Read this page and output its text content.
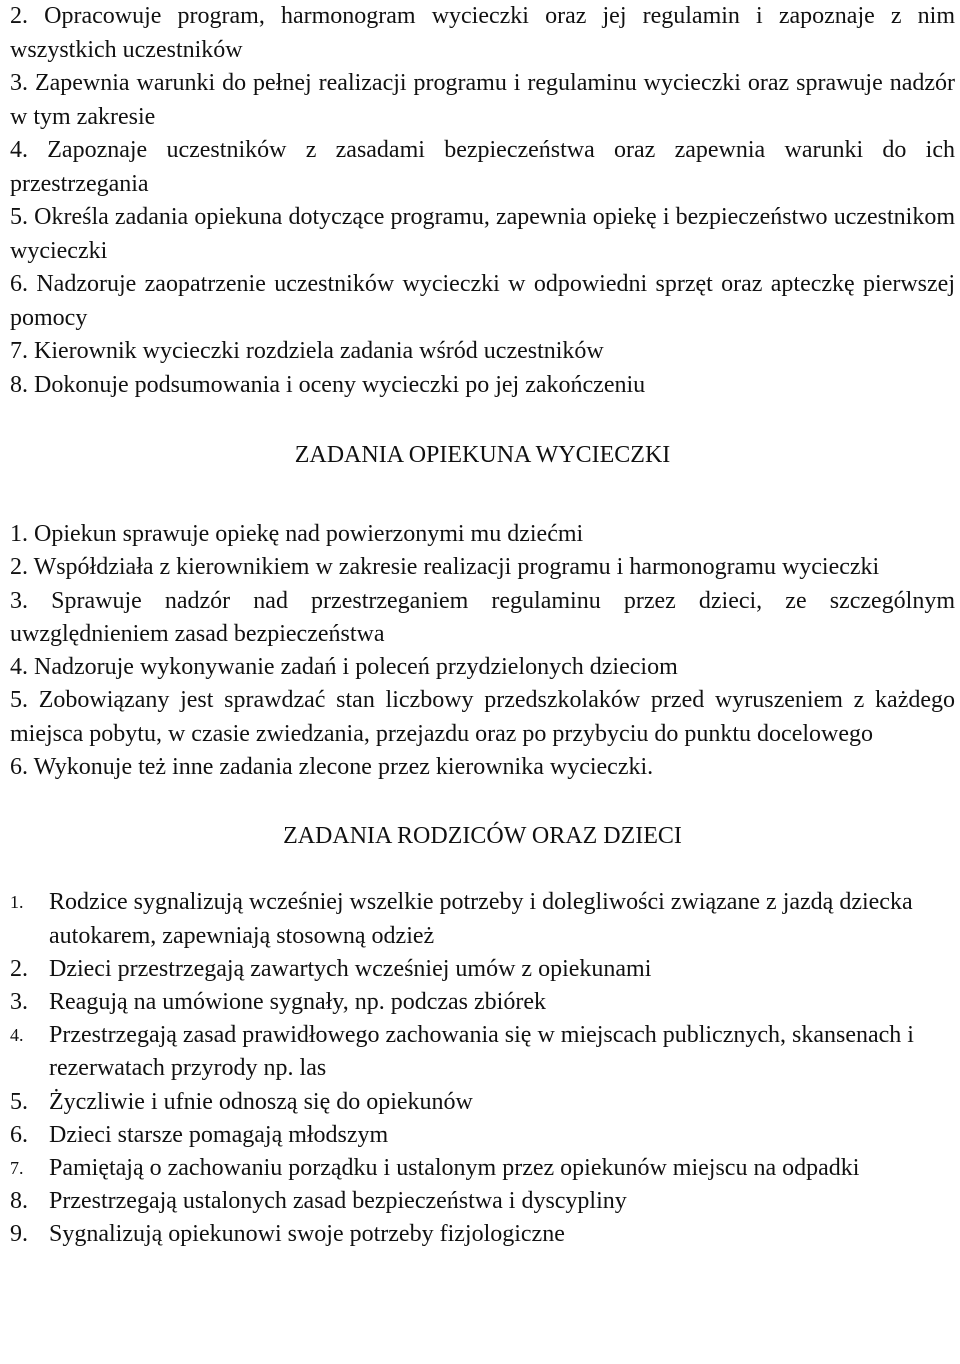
2. Opracowuje program, harmonogram wycieczki oraz jej regulamin i zapoznaje z nim wszystkich uczestników

3. Zapewnia warunki do pełnej realizacji programu i regulaminu wycieczki oraz sprawuje nadzór w tym zakresie

4. Zapoznaje uczestników z zasadami bezpieczeństwa oraz zapewnia warunki do ich przestrzegania

5. Określa zadania opiekuna dotyczące programu, zapewnia opiekę i bezpieczeństwo uczestnikom wycieczki

6. Nadzoruje zaopatrzenie uczestników wycieczki w odpowiedni sprzęt oraz apteczkę pierwszej pomocy

7. Kierownik wycieczki rozdziela zadania wśród uczestników

8. Dokonuje podsumowania i oceny wycieczki po jej zakończeniu

ZADANIA OPIEKUNA WYCIECZKI

1. Opiekun sprawuje opiekę nad powierzonymi mu dziećmi

2. Współdziała z kierownikiem w zakresie realizacji programu i harmonogramu wycieczki

3. Sprawuje nadzór nad przestrzeganiem regulaminu przez dzieci, ze szczególnym uwzględnieniem zasad bezpieczeństwa

4. Nadzoruje wykonywanie zadań i poleceń przydzielonych dzieciom

5. Zobowiązany jest sprawdzać stan liczbowy przedszkolaków przed wyruszeniem z każdego miejsca pobytu, w czasie zwiedzania, przejazdu oraz po przybyciu do punktu docelowego

6. Wykonuje też inne zadania zlecone przez kierownika wycieczki.

ZADANIA RODZICÓW ORAZ DZIECI
1.	Rodzice sygnalizują wcześniej wszelkie potrzeby i dolegliwości związane z jazdą dziecka autokarem, zapewniają stosowną odzież
2. Dzieci przestrzegają zawartych wcześniej umów z opiekunami
3. Reagują na umówione sygnały, np. podczas zbiórek
4.	Przestrzegają zasad prawidłowego zachowania się w miejscach publicznych, skansenach i rezerwatach przyrody np. las
5. Życzliwie i ufnie odnoszą się do opiekunów
6. Dzieci starsze pomagają młodszym
7.	Pamiętają o zachowaniu porządku i ustalonym przez opiekunów miejscu na odpadki
8. Przestrzegają ustalonych zasad bezpieczeństwa i dyscypliny
9. Sygnalizują opiekunowi swoje potrzeby fizjologiczne
